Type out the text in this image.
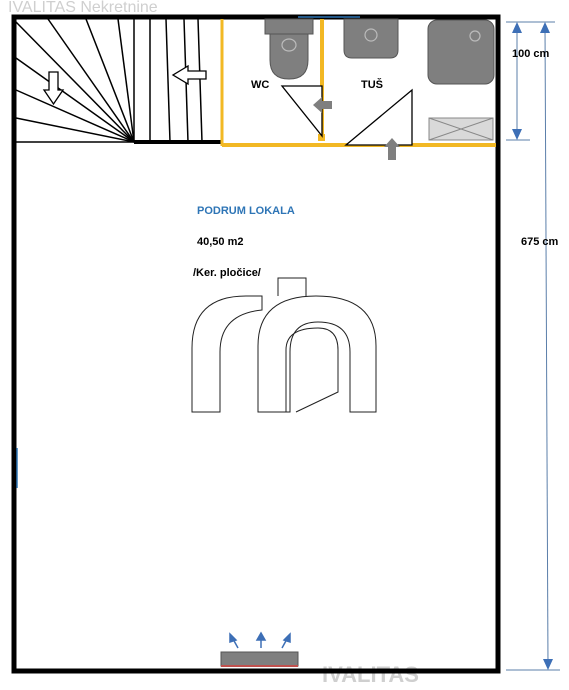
IVALITAS Nekretnine
IVALITAS
WC	TUŠ
PODRUM LOKALA
40,50 m2
/Ker. pločice/
100 cm
675 cm
